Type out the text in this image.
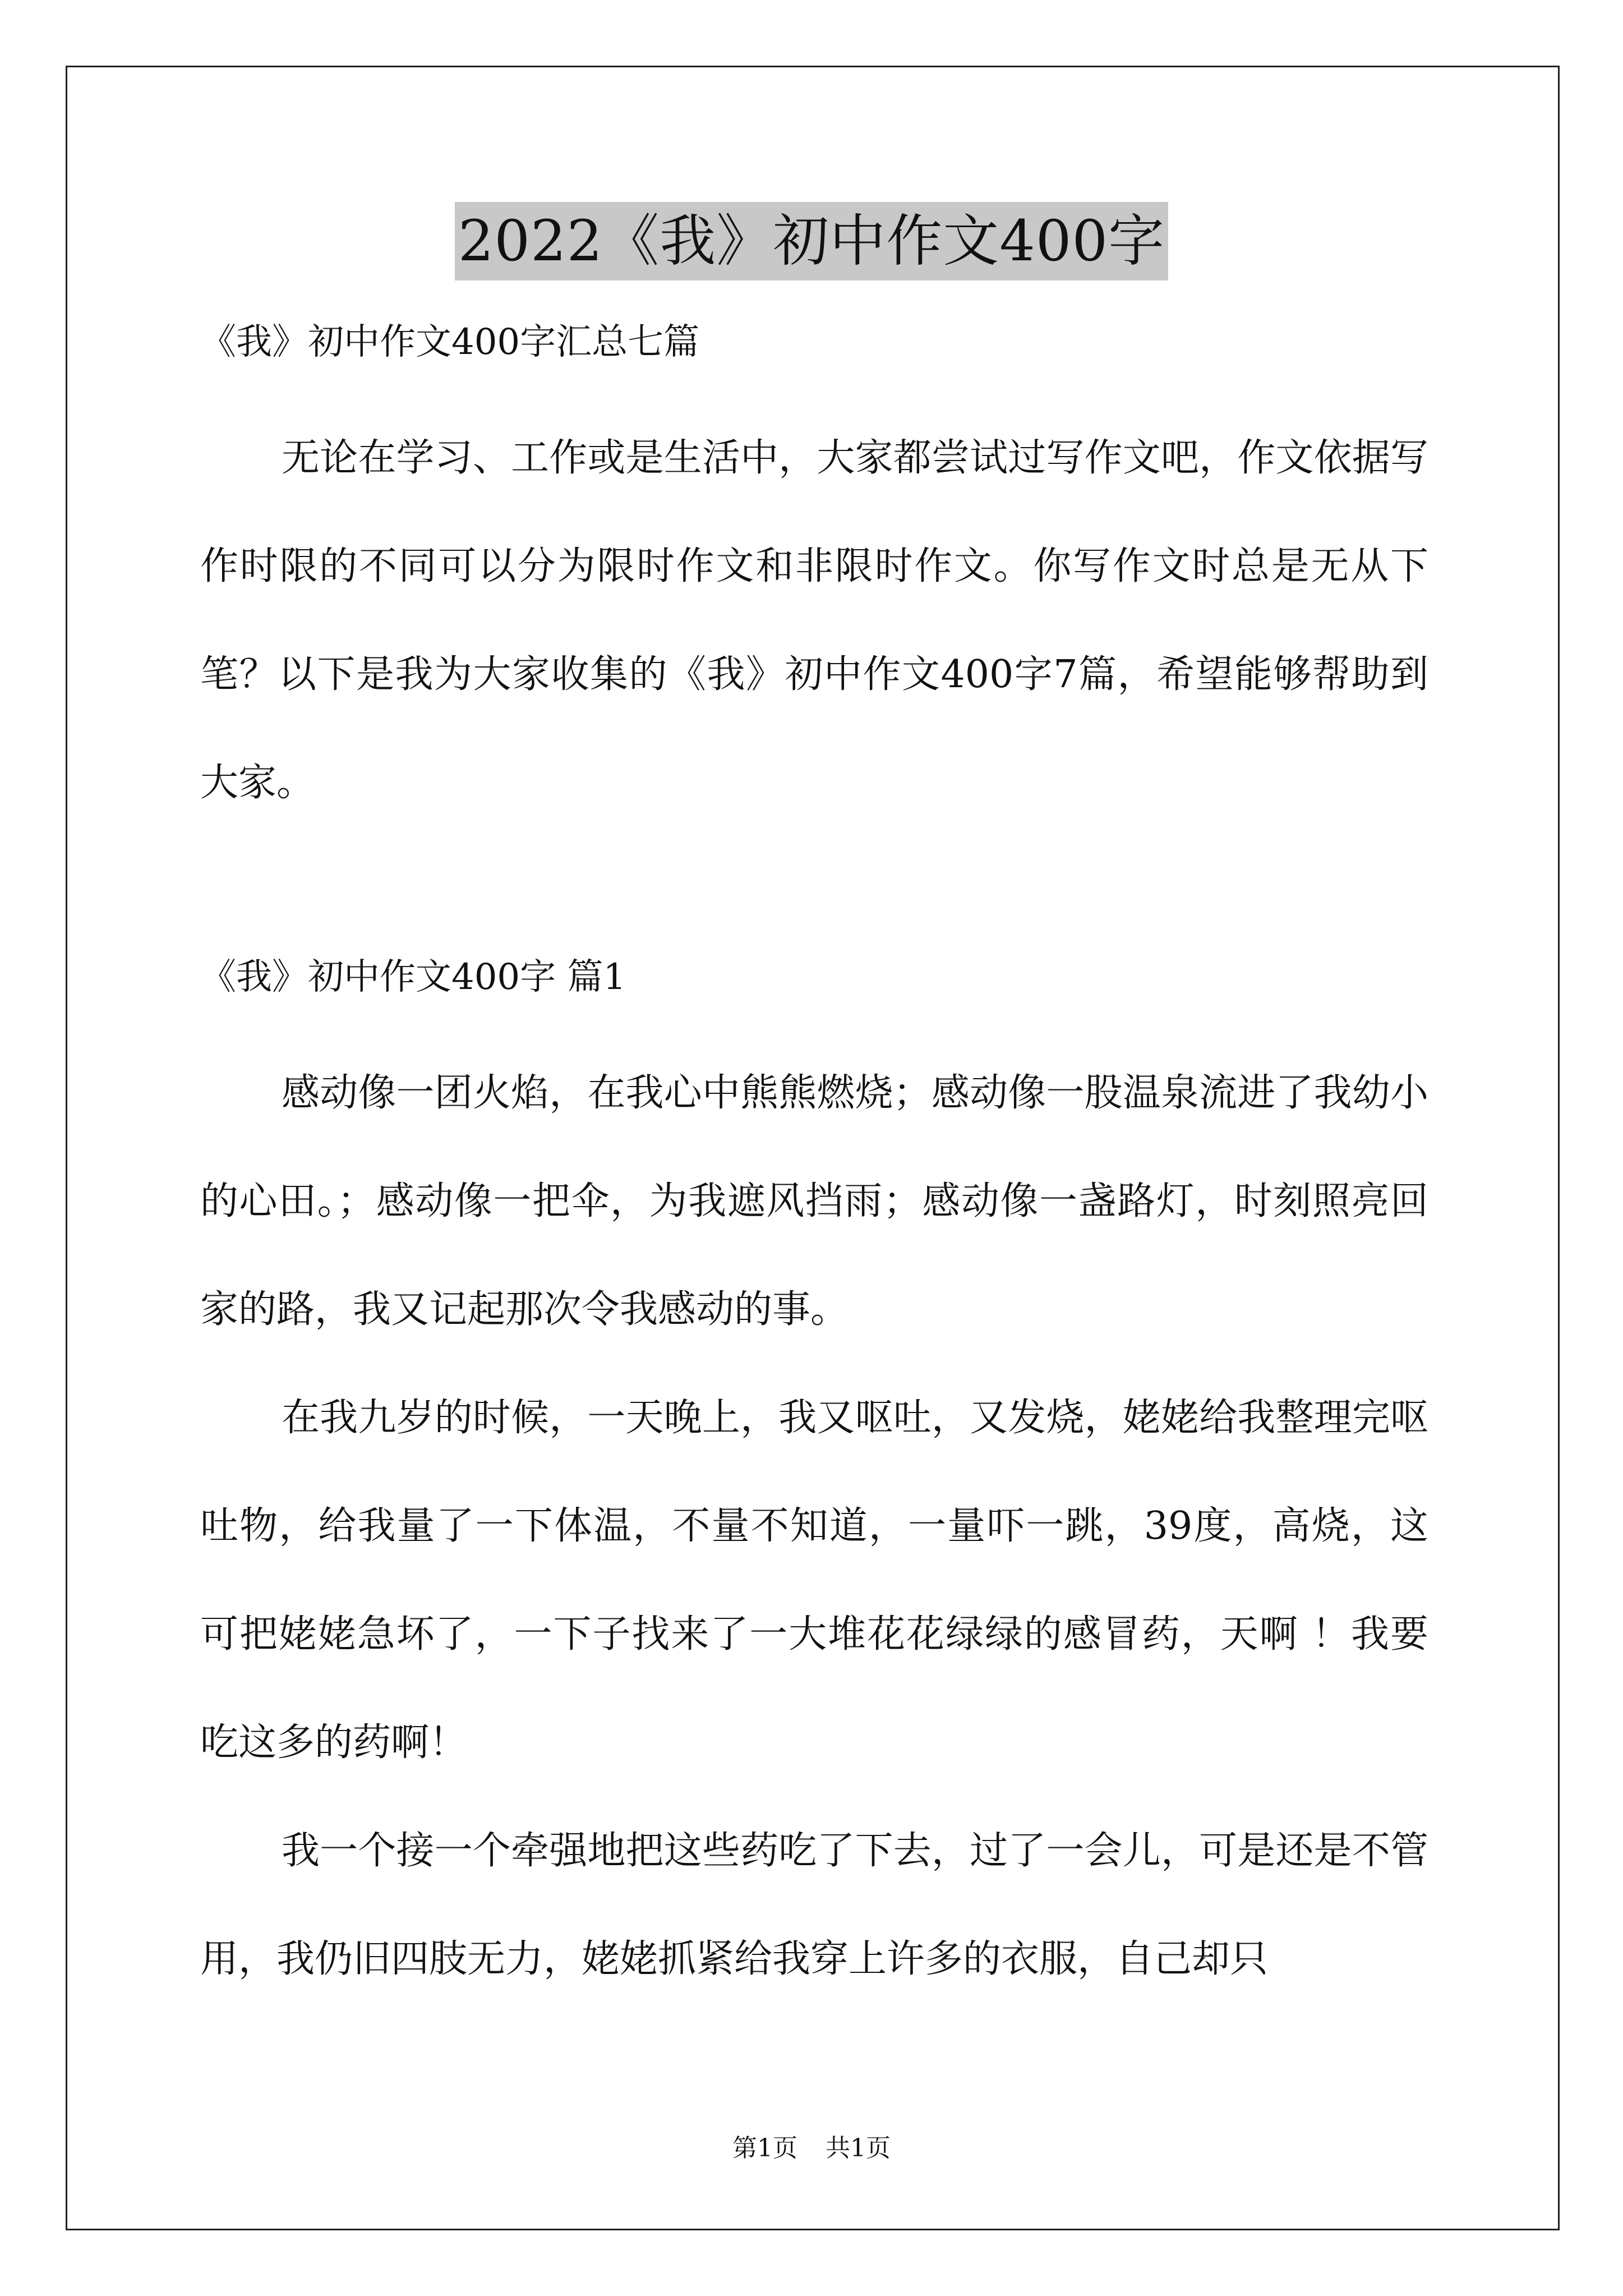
2022《我》初中作文400字

《我》初中作文400字汇总七篇

无论在学习、工作或是生活中，大家都尝试过写作文吧，作文依据写作时限的不同可以分为限时作文和非限时作文。你写作文时总是无从下笔？以下是我为大家收集的《我》初中作文400字7篇，希望能够帮助到大家。

《我》初中作文400字 篇1

感动像一团火焰，在我心中熊熊燃烧；感动像一股温泉流进了我幼小的心田。；感动像一把伞，为我遮风挡雨；感动像一盏路灯，时刻照亮回家的路，我又记起那次令我感动的事。

在我九岁的时候，一天晚上，我又呕吐，又发烧，姥姥给我整理完呕吐物，给我量了一下体温，不量不知道，一量吓一跳，39度，高烧，这可把姥姥急坏了，一下子找来了一大堆花花绿绿的感冒药，天啊 ！我要吃这多的药啊！

我一个接一个牵强地把这些药吃了下去，过了一会儿，可是还是不管用，我仍旧四肢无力，姥姥抓紧给我穿上许多的衣服，自己却只

第1页 共1页
